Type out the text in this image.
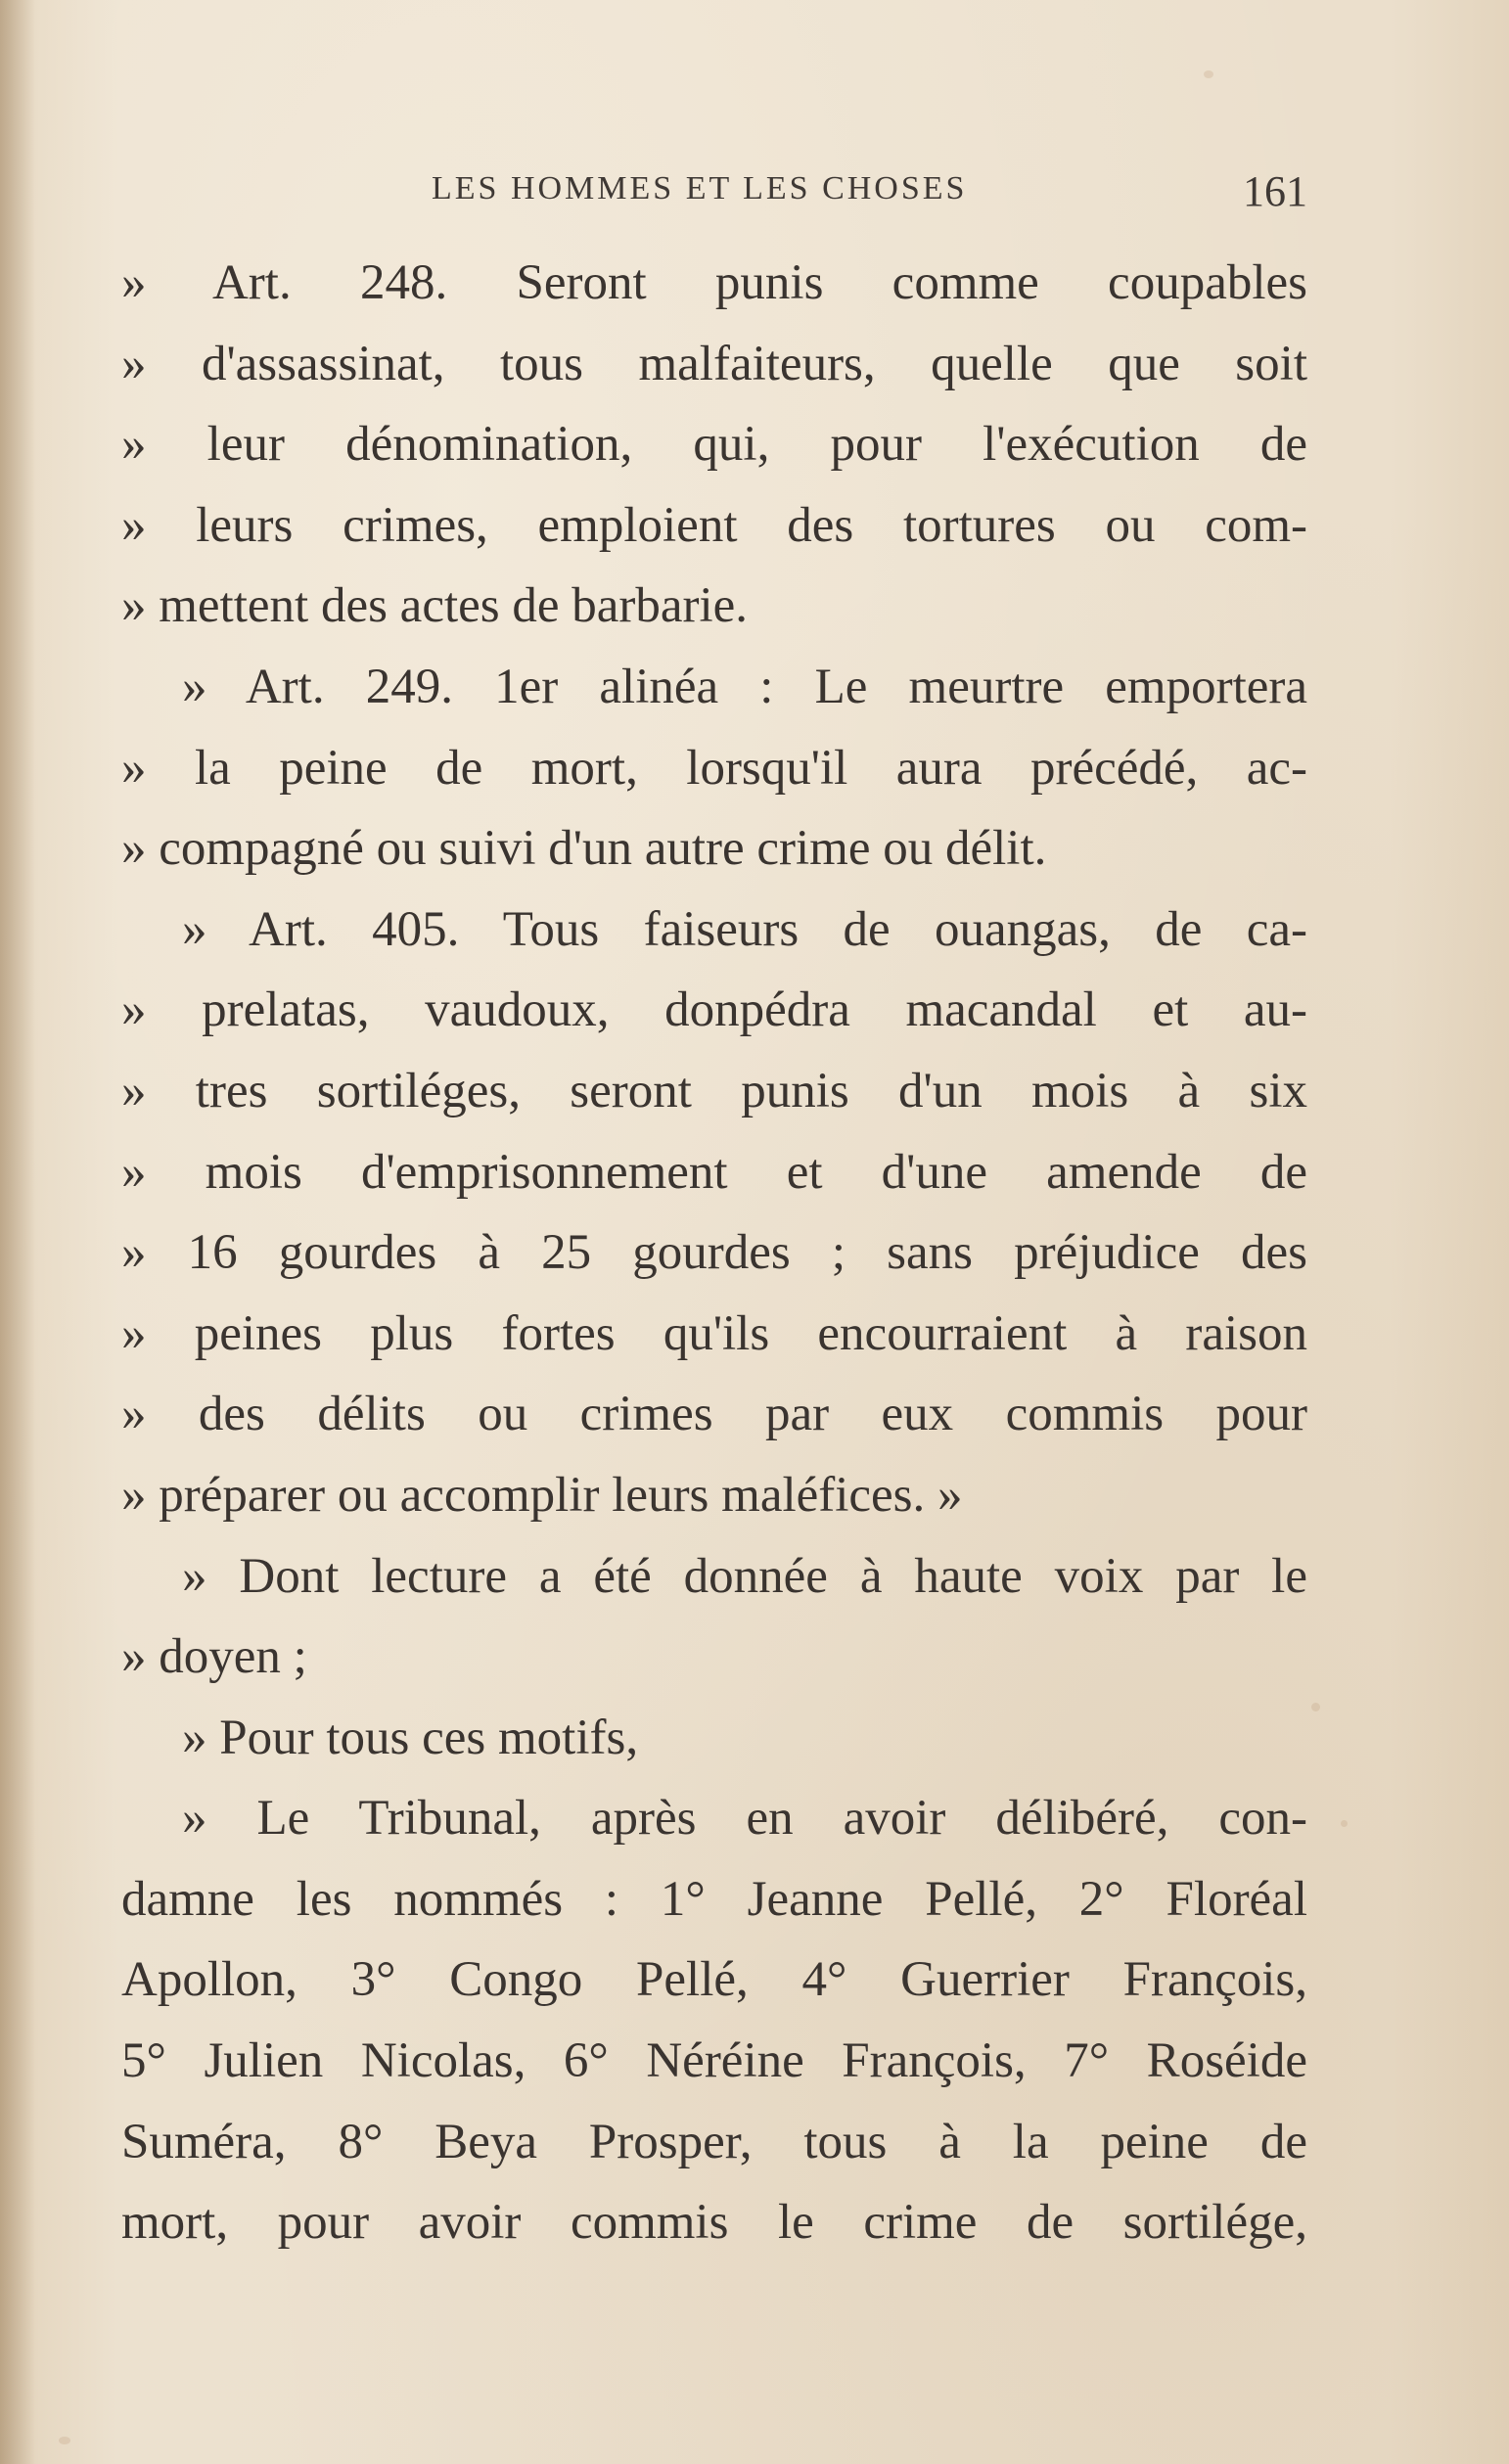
LES HOMMES ET LES CHOSES	161
» Art. 248. Seront punis comme coupables
» d'assassinat, tous malfaiteurs, quelle que soit
» leur dénomination, qui, pour l'exécution de
» leurs crimes, emploient des tortures ou com-
» mettent des actes de barbarie.
» Art. 249. 1er alinéa : Le meurtre emportera
» la peine de mort, lorsqu'il aura précédé, ac-
» compagné ou suivi d'un autre crime ou délit.
» Art. 405. Tous faiseurs de ouangas, de ca-
» prelatas, vaudoux, donpédra macandal et au-
» tres sortiléges, seront punis d'un mois à six
» mois d'emprisonnement et d'une amende de
» 16 gourdes à 25 gourdes ; sans préjudice des
» peines plus fortes qu'ils encourraient à raison
» des délits ou crimes par eux commis pour
» préparer ou accomplir leurs maléfices. »
» Dont lecture a été donnée à haute voix par le
» doyen ;
» Pour tous ces motifs,
» Le Tribunal, après en avoir délibéré, con-
damne les nommés : 1° Jeanne Pellé, 2° Floréal
Apollon, 3° Congo Pellé, 4° Guerrier François,
5° Julien Nicolas, 6° Néréine François, 7° Roséide
Suméra, 8° Beya Prosper, tous à la peine de
mort, pour avoir commis le crime de sortilége,
